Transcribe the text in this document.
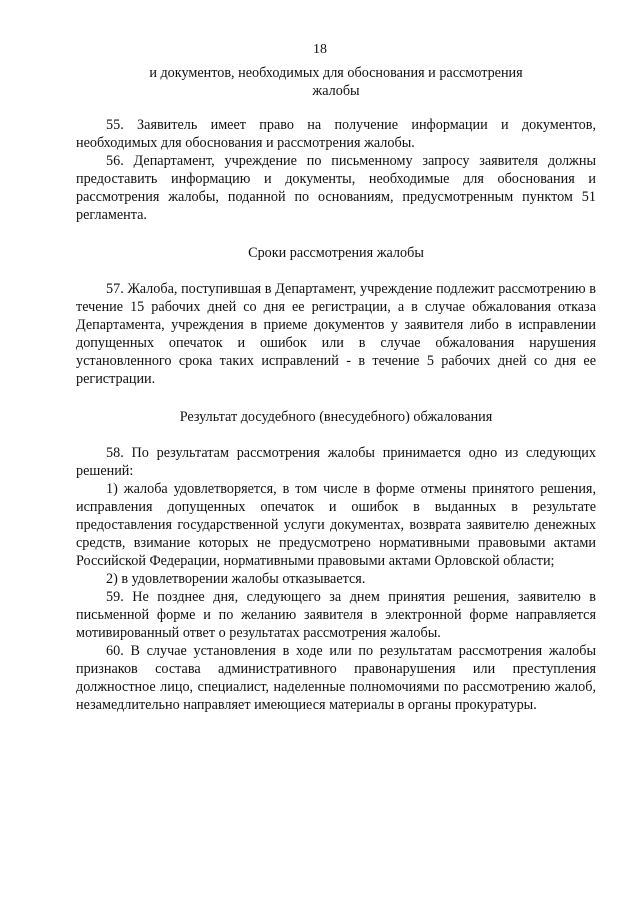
18

и документов, необходимых для обоснования и рассмотрения

жалобы

55. Заявитель имеет право на получение информации и документов, необходимых для обоснования и рассмотрения жалобы.

56. Департамент, учреждение по письменному запросу заявителя должны предоставить информацию и документы, необходимые для обоснования и рассмотрения жалобы, поданной по основаниям, предусмотренным пунктом 51 регламента.

Сроки рассмотрения жалобы

57. Жалоба, поступившая в Департамент, учреждение подлежит рассмотрению в течение 15 рабочих дней со дня ее регистрации, а в случае обжалования отказа Департамента, учреждения в приеме документов у заявителя либо в исправлении допущенных опечаток и ошибок или в случае обжалования нарушения установленного срока таких исправлений - в течение 5 рабочих дней со дня ее регистрации.

Результат досудебного (внесудебного) обжалования

58. По результатам рассмотрения жалобы принимается одно из следующих решений:

1) жалоба удовлетворяется, в том числе в форме отмены принятого решения, исправления допущенных опечаток и ошибок в выданных в результате предоставления государственной услуги документах, возврата заявителю денежных средств, взимание которых не предусмотрено нормативными правовыми актами Российской Федерации, нормативными правовыми актами Орловской области;

2) в удовлетворении жалобы отказывается.

59. Не позднее дня, следующего за днем принятия решения, заявителю в письменной форме и по желанию заявителя в электронной форме направляется мотивированный ответ о результатах рассмотрения жалобы.

60. В случае установления в ходе или по результатам рассмотрения жалобы признаков состава административного правонарушения или преступления должностное лицо, специалист, наделенные полномочиями по рассмотрению жалоб, незамедлительно направляет имеющиеся материалы в органы прокуратуры.
